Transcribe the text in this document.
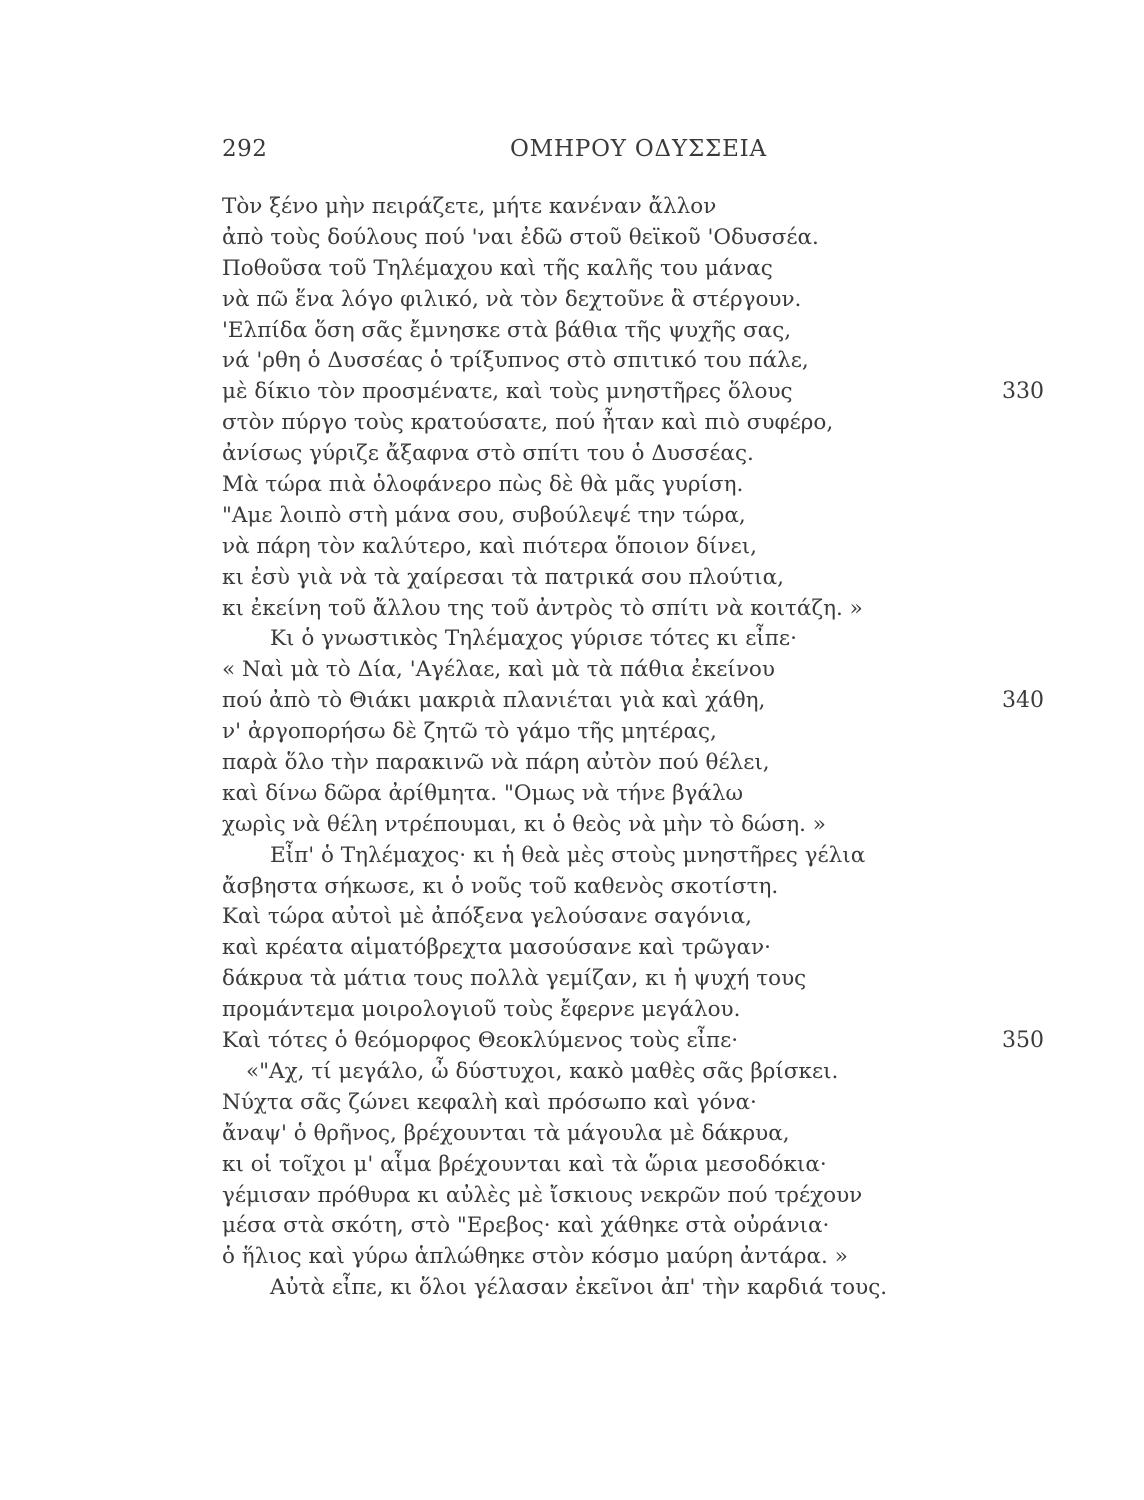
292	ΟΜΗΡΟΥ ΟΔΥΣΣΕΙΑ
Τὸν ξένο μὴν πειράζετε, μήτε κανέναν ἄλλον
ἀπὸ τοὺς δούλους πού 'ναι ἐδῶ στοῦ θεϊκοῦ 'Οδυσσέα.
Ποθοῦσα τοῦ Τηλέμαχου καὶ τῆς καλῆς του μάνας
νὰ πῶ ἕνα λόγο φιλικό, νὰ τὸν δεχτοῦνε ἃ στέργουν.
'Ελπίδα ὅση σᾶς ἔμνησκε στὰ βάθια τῆς ψυχῆς σας,
νά 'ρθη ὁ Δυσσέας ὁ τρίξυπνος στὸ σπιτικό του πάλε,
μὲ δίκιο τὸν προσμένατε, καὶ τοὺς μνηστῆρες ὅλους	330
στὸν πύργο τοὺς κρατούσατε, πού ἦταν καὶ πιὸ συφέρο,
ἀνίσως γύριζε ἄξαφνα στὸ σπίτι του ὁ Δυσσέας.
Μὰ τώρα πιὰ ὁλοφάνερο πὼς δὲ θὰ μᾶς γυρίση.
"Αμε λοιπὸ στὴ μάνα σου, συβούλεψέ την τώρα,
νὰ πάρη τὸν καλύτερο, καὶ πιότερα ὅποιον δίνει,
κι ἐσὺ γιὰ νὰ τὰ χαίρεσαι τὰ πατρικά σου πλούτια,
κι ἐκείνη τοῦ ἄλλου της τοῦ ἀντρὸς τὸ σπίτι νὰ κοιτάζη. »
Κι ὁ γνωστικὸς Τηλέμαχος γύρισε τότες κι εἶπε·
« Ναὶ μὰ τὸ Δία, 'Αγέλαε, καὶ μὰ τὰ πάθια ἐκείνου
πού ἀπὸ τὸ Θιάκι μακριὰ πλανιέται γιὰ καὶ χάθη,	340
ν' ἀργοπορήσω δὲ ζητῶ τὸ γάμο τῆς μητέρας,
παρὰ ὅλο τὴν παρακινῶ νὰ πάρη αὐτὸν πού θέλει,
καὶ δίνω δῶρα ἀρίθμητα. "Ομως νὰ τήνε βγάλω
χωρὶς νὰ θέλη ντρέπουμαι, κι ὁ θεὸς νὰ μὴν τὸ δώση. »
Εἶπ' ὁ Τηλέμαχος· κι ἡ θεὰ μὲς στοὺς μνηστῆρες γέλια
ἄσβηστα σήκωσε, κι ὁ νοῦς τοῦ καθενὸς σκοτίστη.
Καὶ τώρα αὐτοὶ μὲ ἀπόξενα γελούσανε σαγόνια,
καὶ κρέατα αἱματόβρεχτα μασούσανε καὶ τρῶγαν·
δάκρυα τὰ μάτια τους πολλὰ γεμίζαν, κι ἡ ψυχή τους
προμάντεμα μοιρολογιοῦ τοὺς ἔφερνε μεγάλου.
Καὶ τότες ὁ θεόμορφος Θεοκλύμενος τοὺς εἶπε·	350
«"Αχ, τί μεγάλο, ὦ δύστυχοι, κακὸ μαθὲς σᾶς βρίσκει.
Νύχτα σᾶς ζώνει κεφαλὴ καὶ πρόσωπο καὶ γόνα·
ἄναψ' ὁ θρῆνος, βρέχουνται τὰ μάγουλα μὲ δάκρυα,
κι οἱ τοῖχοι μ' αἷμα βρέχουνται καὶ τὰ ὥρια μεσοδόκια·
γέμισαν πρόθυρα κι αὐλὲς μὲ ἴσκιους νεκρῶν πού τρέχουν
μέσα στὰ σκότη, στὸ "Ερεβος· καὶ χάθηκε στὰ οὐράνια·
ὁ ἥλιος καὶ γύρω ἁπλώθηκε στὸν κόσμο μαύρη ἀντάρα. »
Αὐτὰ εἶπε, κι ὅλοι γέλασαν ἐκεῖνοι ἀπ' τὴν καρδιά τους.
